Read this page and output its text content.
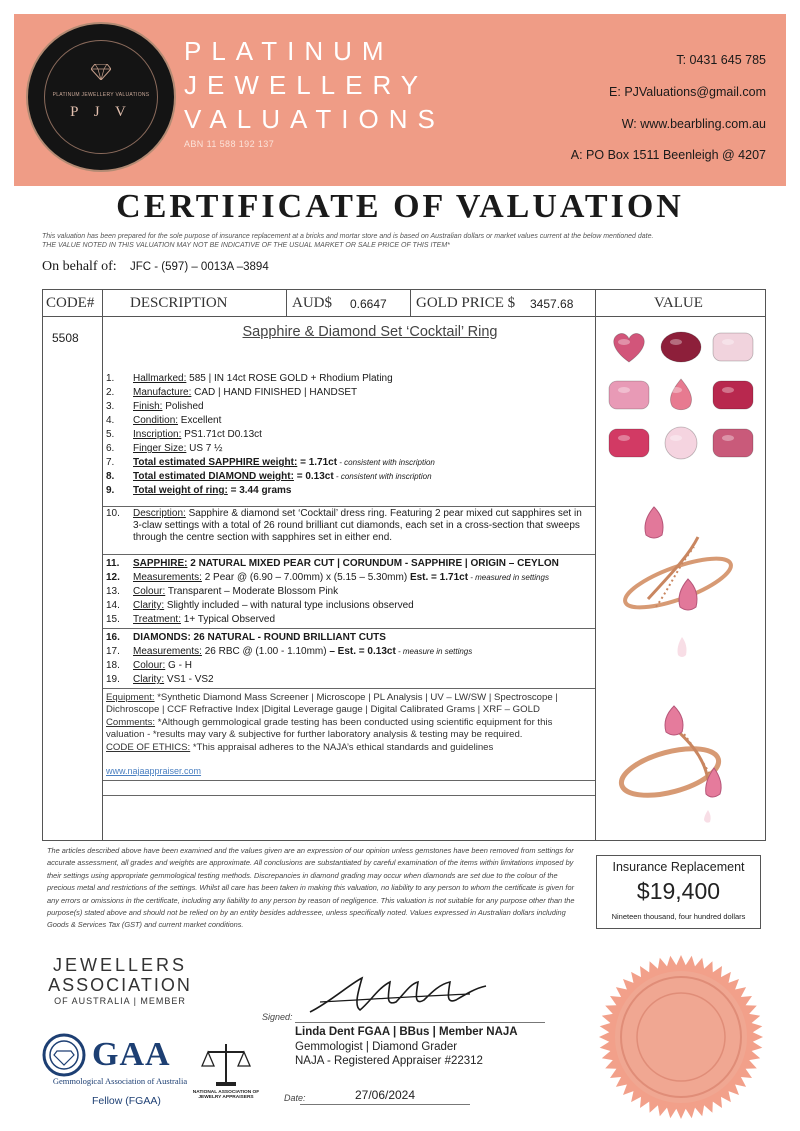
PLATINUM JEWELLERY VALUATIONS
P J V
PLATINUM
JEWELLERY
VALUATIONS
ABN 11 588 192 137
T: 0431 645 785
E: PJValuations@gmail.com
W: www.bearbling.com.au
A: PO Box 1511 Beenleigh @ 4207
CERTIFICATE OF VALUATION
This valuation has been prepared for the sole purpose of insurance replacement at a bricks and mortar store and is based on Australian dollars or market values current at the below mentioned date.
THE VALUE NOTED IN THIS VALUATION MAY NOT BE INDICATIVE OF THE USUAL MARKET OR SALE PRICE OF THIS ITEM*
On behalf of: JFC - (597) – 0013A –3894
CODE# DESCRIPTION	AUD$ 0.6647 GOLD PRICE $ 3457.68	VALUE
5508	Sapphire & Diamond Set ‘Cocktail’ Ring
1. Hallmarked: 585 | IN 14ct ROSE GOLD + Rhodium Plating
2. Manufacture: CAD | HAND FINISHED | HANDSET
3. Finish: Polished
4. Condition: Excellent
5. Inscription: PS1.71ct D0.13ct
6. Finger Size: US 7 ½
7. Total estimated SAPPHIRE weight: = 1.71ct - consistent with inscription
8. Total estimated DIAMOND weight: = 0.13ct - consistent with inscription
9. Total weight of ring: = 3.44 grams
10. Description: Sapphire & diamond set ‘Cocktail’ dress ring. Featuring 2 pear mixed cut sapphires set in 3-claw settings with a total of 26 round brilliant cut diamonds, each set in a cross-section that sweeps through the centre section with sapphires set in either end.
11. SAPPHIRE: 2 NATURAL MIXED PEAR CUT | CORUNDUM - SAPPHIRE | ORIGIN – CEYLON
12. Measurements: 2 Pear @ (6.90 – 7.00mm) x (5.15 – 5.30mm) Est. = 1.71ct - measured in settings
13. Colour: Transparent – Moderate Blossom Pink
14. Clarity: Slightly included – with natural type inclusions observed
15. Treatment: 1+ Typical Observed
16. DIAMONDS: 26 NATURAL - ROUND BRILLIANT CUTS
17. Measurements: 26 RBC @ (1.00 - 1.10mm) – Est. = 0.13ct - measure in settings
18. Colour: G - H
19. Clarity: VS1 - VS2
Equipment: *Synthetic Diamond Mass Screener | Microscope | PL Analysis | UV – LW/SW | Spectroscope | Dichroscope | CCF Refractive Index |Digital Leverage gauge | Digital Calibrated Grams | XRF – GOLD
Comments: *Although gemmological grade testing has been conducted using scientific equipment for this valuation - *results may vary & subjective for further laboratory analysis & testing may be required.
CODE OF ETHICS: *This appraisal adheres to the NAJA’s ethical standards and guidelines
www.najaappraiser.com
The articles described above have been examined and the values given are an expression of our opinion unless gemstones have been removed from settings for accurate assessment, all grades and weights are approximate. All conclusions are substantiated by careful examination of the items within limitations imposed by their settings using appropriate gemmological testing methods. Discrepancies in diamond grading may occur when diamonds are set due to the colour of the precious metal and restrictions of the settings. Whilst all care has been taken in making this valuation, no liability to any person to whom the certificate is given for any errors or omissions in the certificate, including any liability to any person by reason of negligence. This valuation is not suitable for any purpose other than the purpose(s) stated above and should not be relied on by an entity besides addressee, unless specifically noted. Values expressed in Australian dollars including Goods & Services Tax (GST) and current market conditions.
Insurance Replacement
$19,400
Nineteen thousand, four hundred dollars
JEWELLERS
ASSOCIATION
OF AUSTRALIA | MEMBER
GAA
Gemmological Association of Australia
Fellow (FGAA)
NATIONAL ASSOCIATION OF JEWELRY APPRAISERS
Signed:
Linda Dent FGAA | BBus | Member NAJA
Gemmologist | Diamond Grader
NAJA - Registered Appraiser #22312
Date:	27/06/2024
